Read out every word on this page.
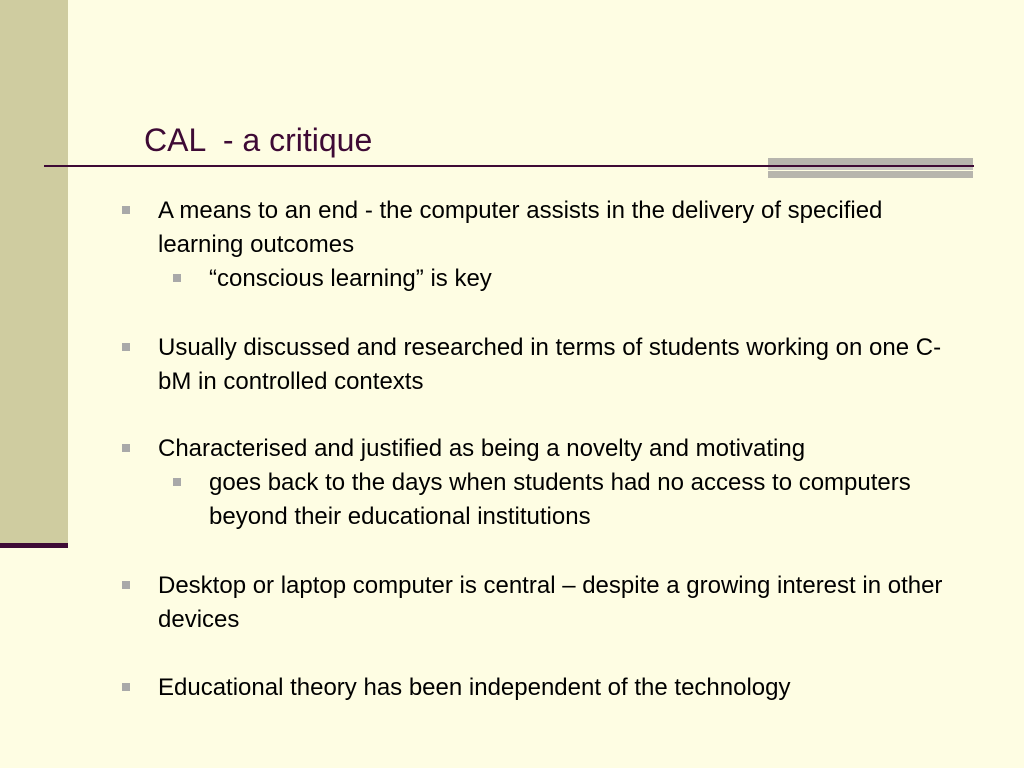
CAL  - a critique
A means to an end - the computer assists in the delivery of specified learning outcomes
“conscious learning” is key
Usually discussed and researched in terms of students working on one C-bM in controlled contexts
Characterised and justified as being a novelty and motivating
goes back to the days when students had no access to computers beyond their educational institutions
Desktop or laptop computer is central – despite a growing interest in other devices
Educational theory has been independent of the technology
